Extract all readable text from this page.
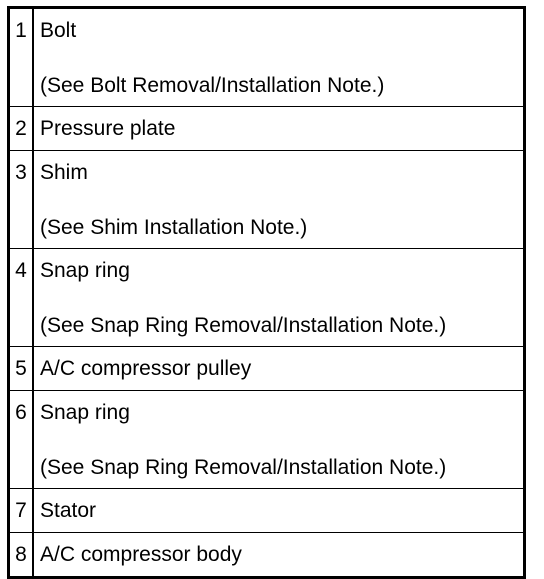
1	Bolt
(See Bolt Removal/Installation Note.)

2	Pressure plate

3	Shim
(See Shim Installation Note.)

4	Snap ring
(See Snap Ring Removal/Installation Note.)

5	A/C compressor pulley

6	Snap ring
(See Snap Ring Removal/Installation Note.)

7	Stator

8	A/C compressor body
